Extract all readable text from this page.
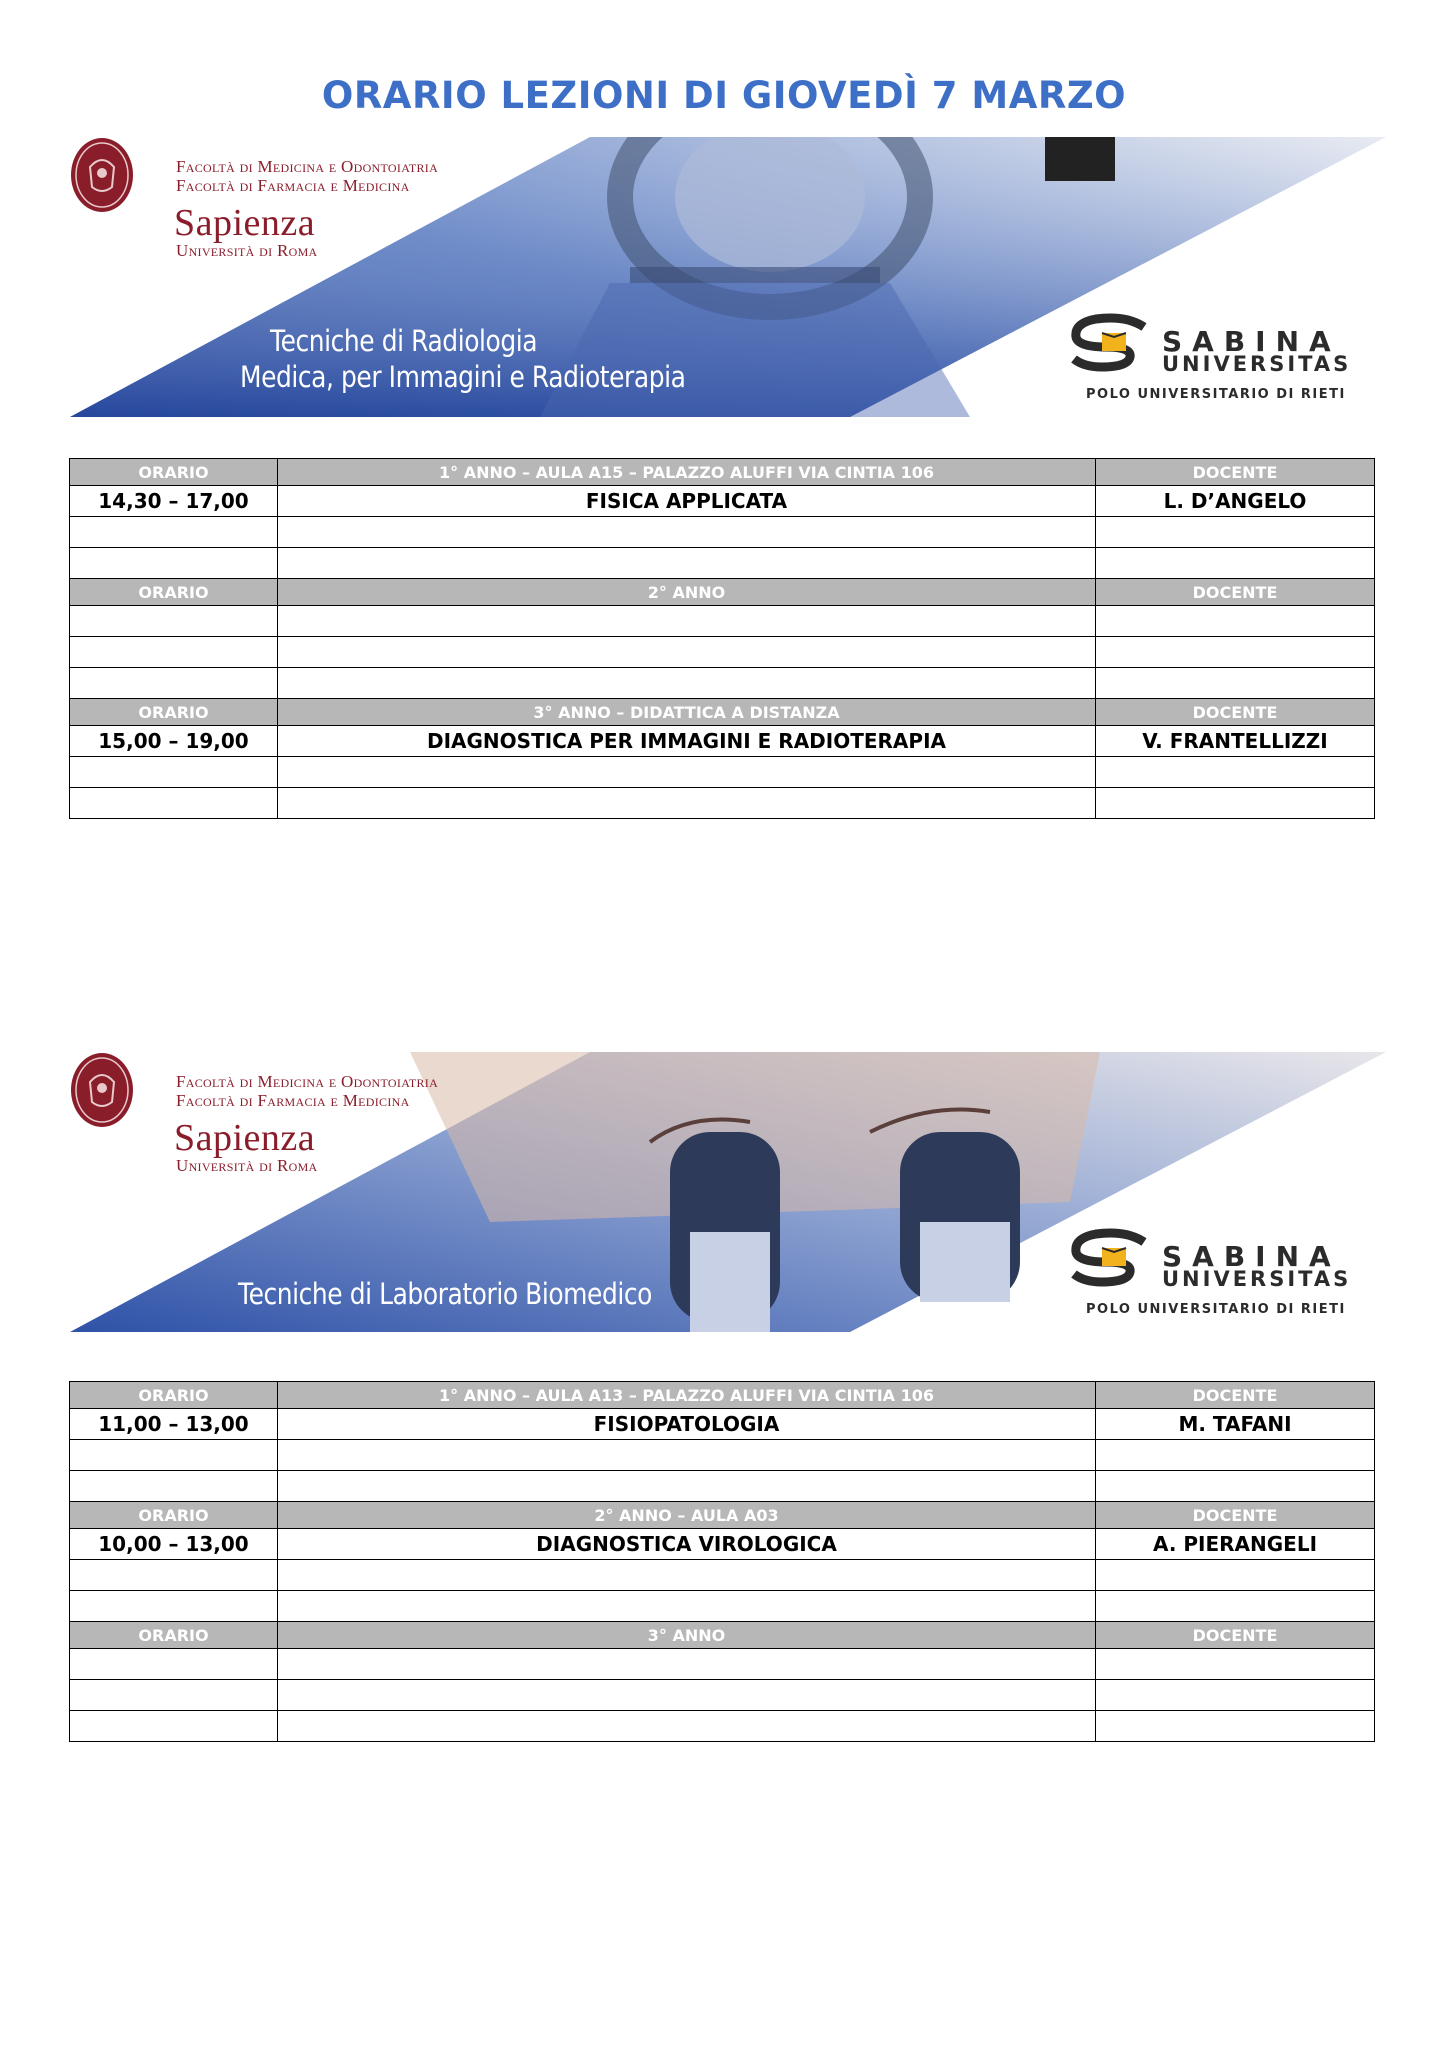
ORARIO LEZIONI DI GIOVEDÌ 7 MARZO
Facoltà di Medicina e Odontoiatria
Facoltà di Farmacia e Medicina
Sapienza
Università di Roma
Tecniche di Radiologia
Medica, per Immagini e Radioterapia
SABINA
UNIVERSITAS
POLO UNIVERSITARIO DI RIETI
ORARIO	1° ANNO – AULA A15 – PALAZZO ALUFFI VIA CINTIA 106	DOCENTE
14,30 – 17,00	FISICA APPLICATA	L. D’ANGELO

ORARIO	2° ANNO	DOCENTE

ORARIO	3° ANNO – DIDATTICA A DISTANZA	DOCENTE
15,00 – 19,00	DIAGNOSTICA PER IMMAGINI E RADIOTERAPIA	V. FRANTELLIZZI

Facoltà di Medicina e Odontoiatria
Facoltà di Farmacia e Medicina
Sapienza
Università di Roma
Tecniche di Laboratorio Biomedico
SABINA
UNIVERSITAS
POLO UNIVERSITARIO DI RIETI
ORARIO	1° ANNO – AULA A13 – PALAZZO ALUFFI VIA CINTIA 106	DOCENTE
11,00 – 13,00	FISIOPATOLOGIA	M. TAFANI

ORARIO	2° ANNO – AULA A03	DOCENTE
10,00 – 13,00	DIAGNOSTICA VIROLOGICA	A. PIERANGELI

ORARIO	3° ANNO	DOCENTE
